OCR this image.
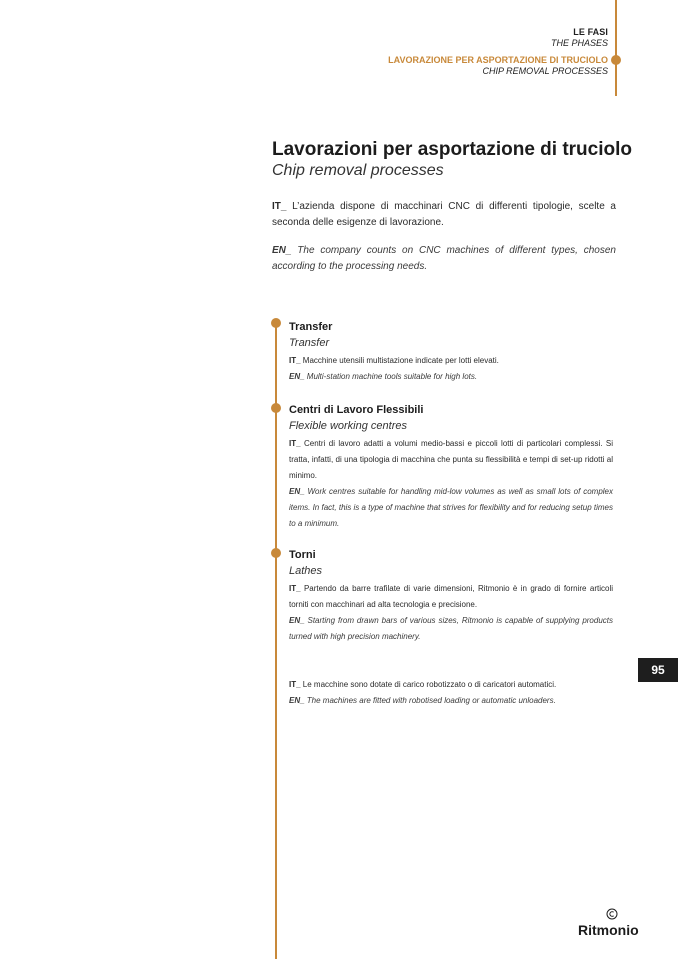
LE FASI
THE PHASES
LAVORAZIONE PER ASPORTAZIONE DI TRUCIOLO
CHIP REMOVAL PROCESSES
Lavorazioni per asportazione di truciolo
Chip removal processes
IT_ L’azienda dispone di macchinari CNC di differenti tipologie, scelte a seconda delle esigenze di lavorazione.
EN_ The company counts on CNC machines of different types, chosen according to the processing needs.
Transfer
Transfer

IT_ Macchine utensili multistazione indicate per lotti elevati.

EN_ Multi-station machine tools suitable for high lots.

Centri di Lavoro Flessibili
Flexible working centres

IT_ Centri di lavoro adatti a volumi medio-bassi e piccoli lotti di particolari complessi. Si tratta, infatti, di una tipologia di macchina che punta su flessibilità e tempi di set-up ridotti al minimo.

EN_ Work centres suitable for handling mid-low volumes as well as small lots of complex items. In fact, this is a type of machine that strives for flexibility and for reducing setup times to a minimum.

Torni
Lathes

IT_ Partendo da barre trafilate di varie dimensioni, Ritmonio è in grado di fornire articoli torniti con macchinari ad alta tecnologia e precisione.

EN_ Starting from drawn bars of various sizes, Ritmonio is capable of supplying products turned with high precision machinery.

IT_ Le macchine sono dotate di carico robotizzato o di caricatori automatici.

EN_ The machines are fitted with robotised loading or automatic unloaders.

95
Ritmonio
